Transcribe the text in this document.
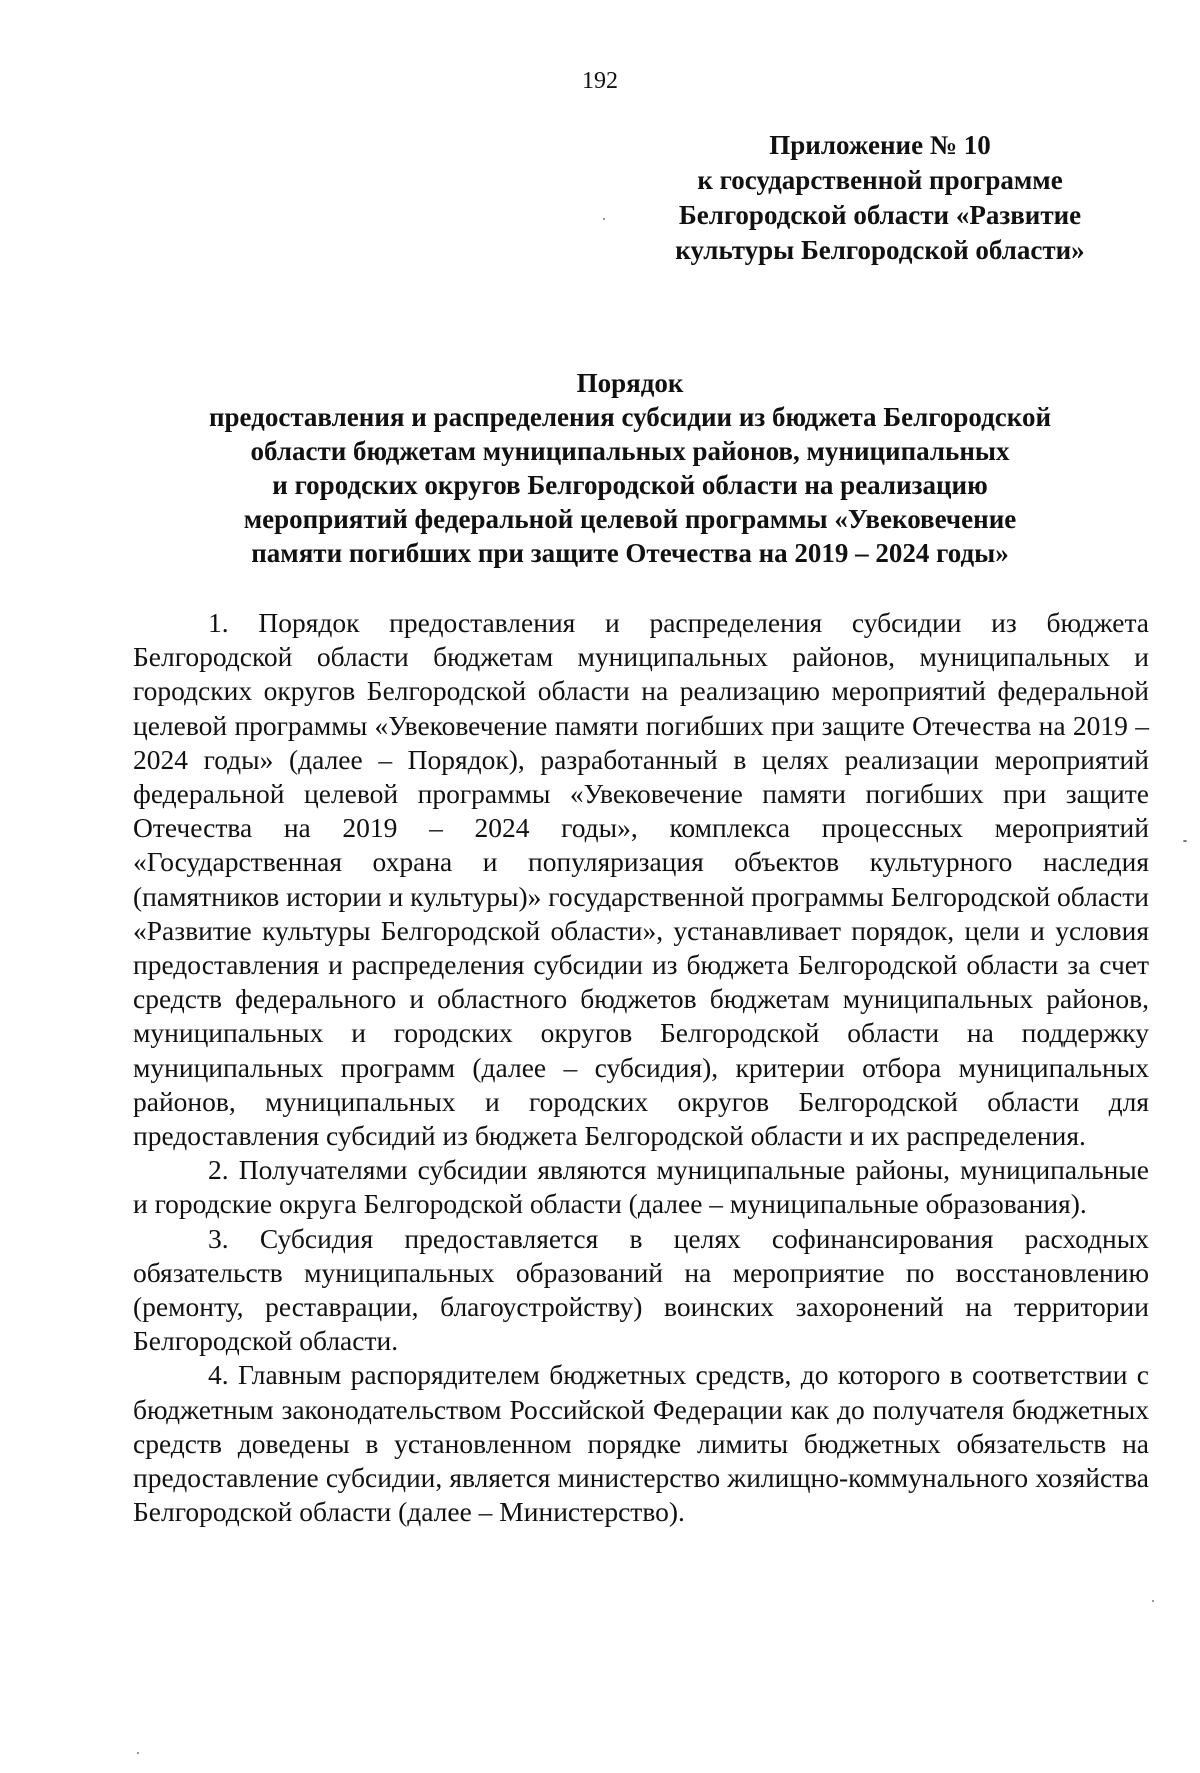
192
Приложение № 10
к государственной программе
Белгородской области «Развитие
культуры Белгородской области»
Порядок
предоставления и распределения субсидии из бюджета Белгородской
области бюджетам муниципальных районов, муниципальных
и городских округов Белгородской области на реализацию
мероприятий федеральной целевой программы «Увековечение
памяти погибших при защите Отечества на 2019 – 2024 годы»

1. Порядок предоставления и распределения субсидии из бюджета Белгородской области бюджетам муниципальных районов, муниципальных и городских округов Белгородской области на реализацию мероприятий федеральной целевой программы «Увековечение памяти погибших при защите Отечества на 2019 – 2024 годы» (далее – Порядок), разработанный в целях реализации мероприятий федеральной целевой программы «Увековечение памяти погибших при защите Отечества на 2019 – 2024 годы», комплекса процессных мероприятий «Государственная охрана и популяризация объектов культурного наследия (памятников истории и культуры)» государственной программы Белгородской области «Развитие культуры Белгородской области», устанавливает порядок, цели и условия предоставления и распределения субсидии из бюджета Белгородской области за счет средств федерального и областного бюджетов бюджетам муниципальных районов, муниципальных и городских округов Белгородской области на поддержку муниципальных программ (далее – субсидия), критерии отбора муниципальных районов, муниципальных и городских округов Белгородской области для предоставления субсидий из бюджета Белгородской области и их распределения.

2. Получателями субсидии являются муниципальные районы, муниципальные и городские округа Белгородской области (далее – муниципальные образования).

3. Субсидия предоставляется в целях софинансирования расходных обязательств муниципальных образований на мероприятие по восстановлению (ремонту, реставрации, благоустройству) воинских захоронений на территории Белгородской области.

4. Главным распорядителем бюджетных средств, до которого в соответствии с бюджетным законодательством Российской Федерации как до получателя бюджетных средств доведены в установленном порядке лимиты бюджетных обязательств на предоставление субсидии, является министерство жилищно-коммунального хозяйства Белгородской области (далее – Министерство).
